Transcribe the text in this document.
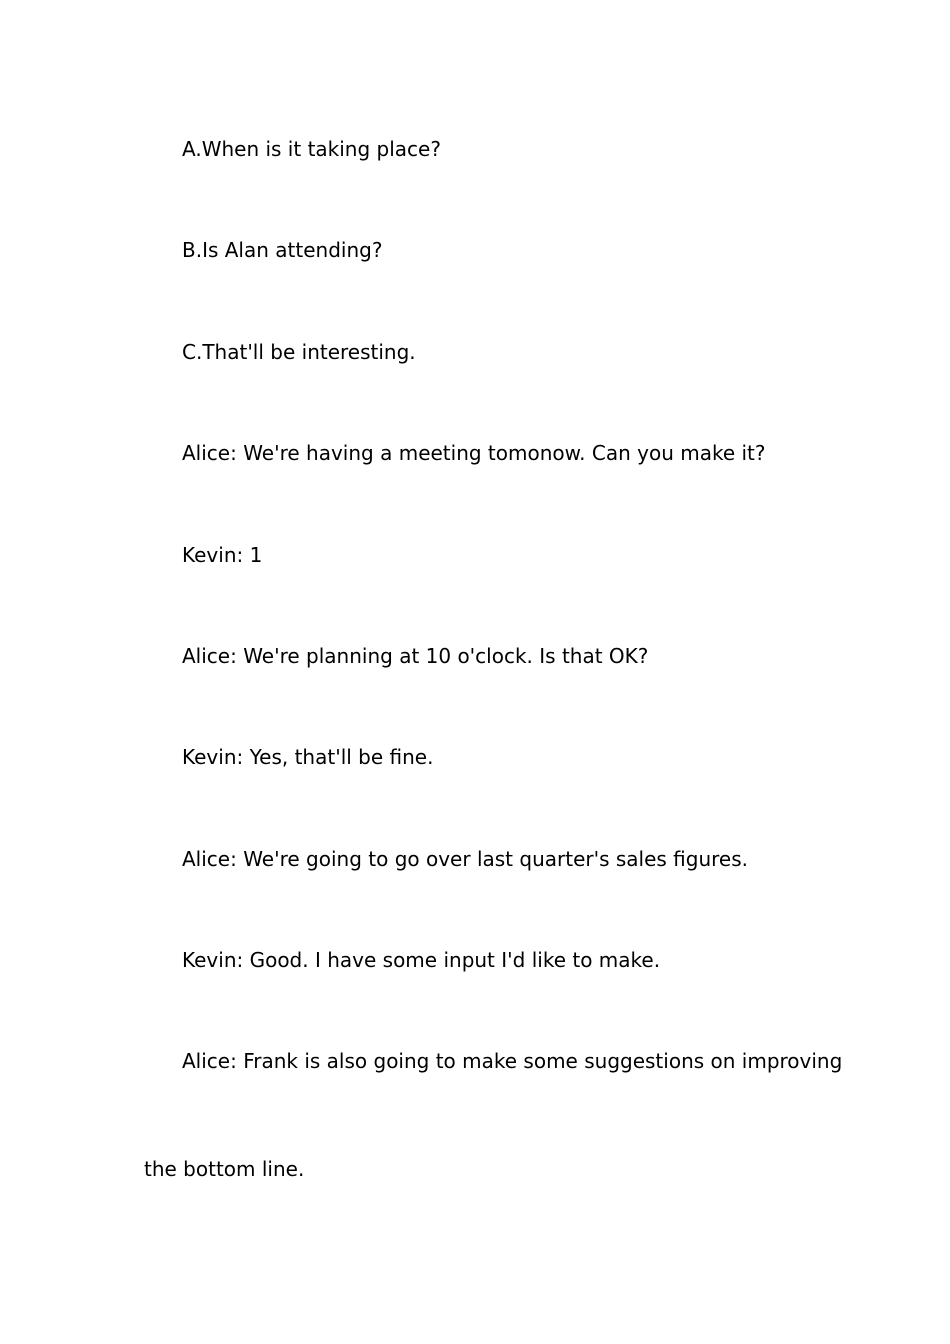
A.When is it taking place?
B.Is Alan attending?
C.That'll be interesting.
Alice: We're having a meeting tomonow. Can you make it?
Kevin: 1
Alice: We're planning at 10 o'clock. Is that OK?
Kevin: Yes, that'll be fine.
Alice: We're going to go over last quarter's sales figures.
Kevin: Good. I have some input I'd like to make.
Alice: Frank is also going to make some suggestions on improving
the bottom line.
